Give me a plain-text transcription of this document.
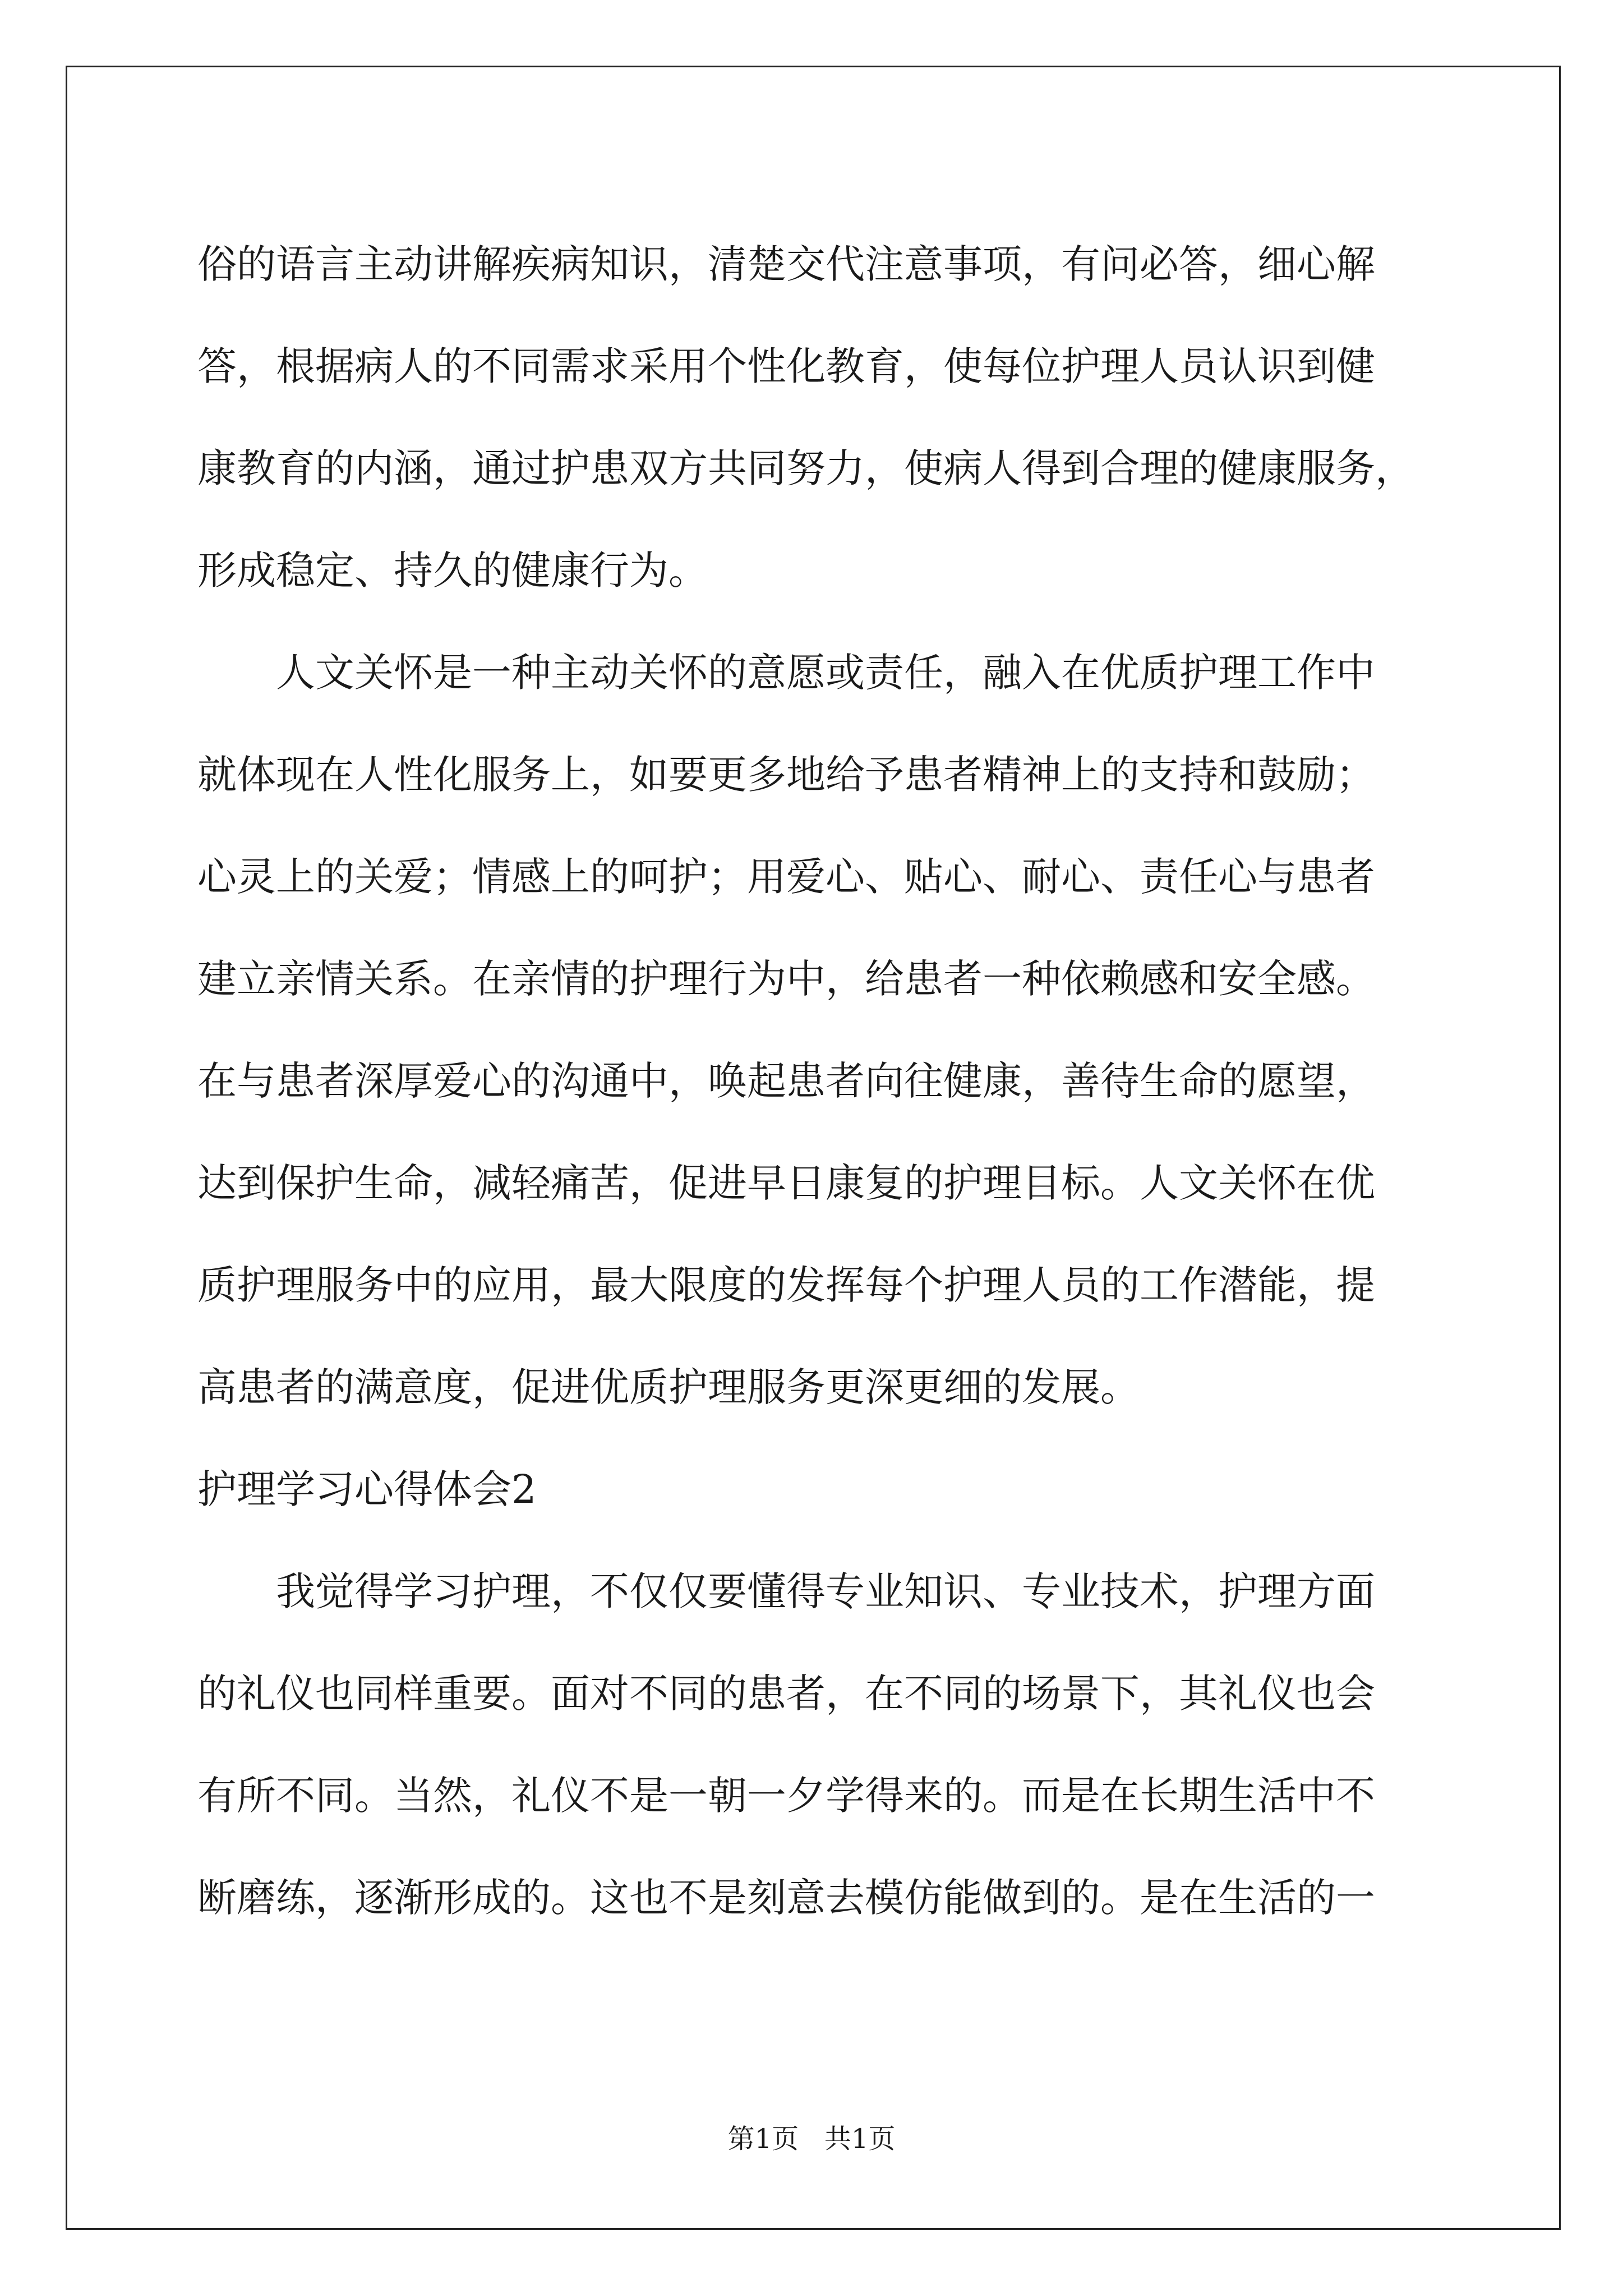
俗的语言主动讲解疾病知识，清楚交代注意事项，有问必答，细心解
答，根据病人的不同需求采用个性化教育，使每位护理人员认识到健
康教育的内涵，通过护患双方共同努力，使病人得到合理的健康服务，
形成稳定、持久的健康行为。
人文关怀是一种主动关怀的意愿或责任，融入在优质护理工作中
就体现在人性化服务上，如要更多地给予患者精神上的支持和鼓励；
心灵上的关爱；情感上的呵护；用爱心、贴心、耐心、责任心与患者
建立亲情关系。在亲情的护理行为中，给患者一种依赖感和安全感。
在与患者深厚爱心的沟通中，唤起患者向往健康，善待生命的愿望，
达到保护生命，减轻痛苦，促进早日康复的护理目标。人文关怀在优
质护理服务中的应用，最大限度的发挥每个护理人员的工作潜能，提
高患者的满意度，促进优质护理服务更深更细的发展。
护理学习心得体会2
我觉得学习护理，不仅仅要懂得专业知识、专业技术，护理方面
的礼仪也同样重要。面对不同的患者，在不同的场景下，其礼仪也会
有所不同。当然，礼仪不是一朝一夕学得来的。而是在长期生活中不
断磨练，逐渐形成的。这也不是刻意去模仿能做到的。是在生活的一
第1页   共1页
